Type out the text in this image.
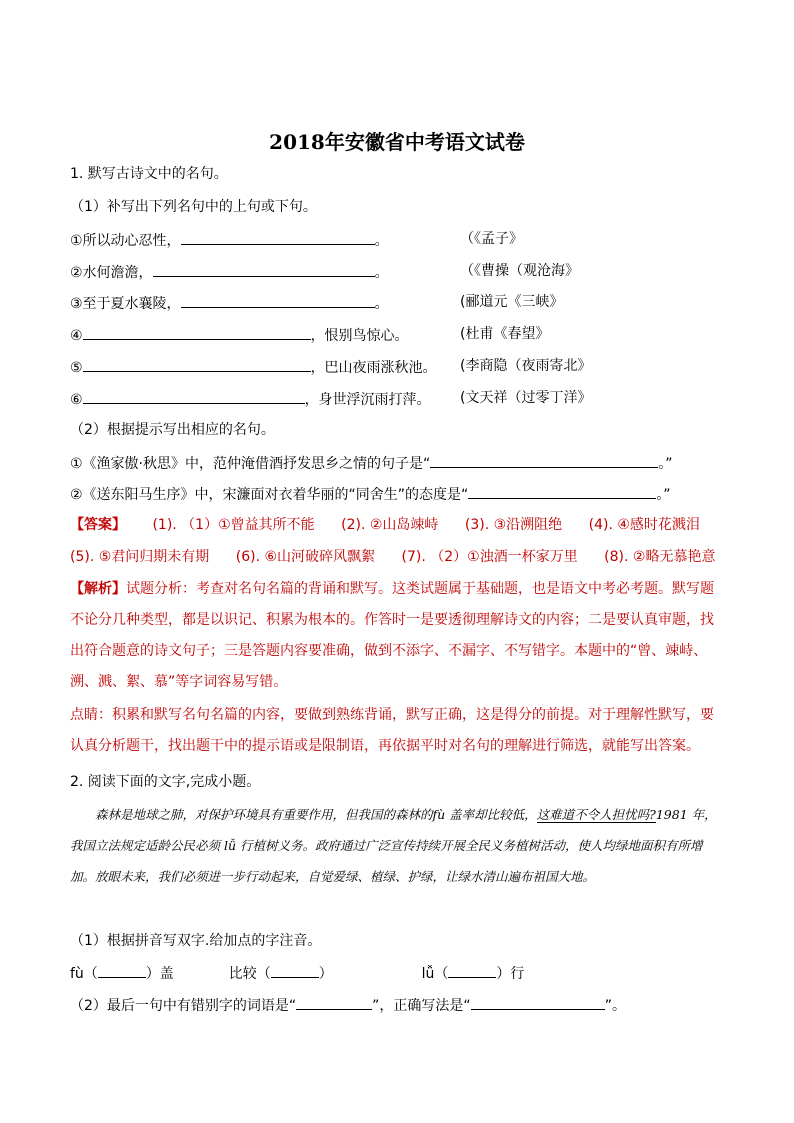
2018年安徽省中考语文试卷
1. 默写古诗文中的名句。
（1）补写出下列名句中的上句或下句。
①所以动心忍性，	。	（《孟子》
②水何澹澹，	。	（《曹操（观沧海》
③至于夏水襄陵，	。	(郦道元《三峡》
④	，恨别鸟惊心。	(杜甫《春望》
⑤	，巴山夜雨涨秋池。 (李商隐（夜雨寄北》
⑥	，身世浮沉雨打萍。 (文天祥（过零丁洋》
（2）根据提示写出相应的名句。
①《渔家傲·秋思》中，范仲淹借酒抒发思乡之情的句子是“	。”
②《送东阳马生序》中，宋濂面对衣着华丽的“同舍生”的态度是“	。”
【答案】 (1). （1）①曾益其所不能 (2). ②山岛竦峙 (3). ③沿溯阻绝 (4). ④感时花溅泪
(5). ⑤君问归期未有期 (6). ⑥山河破碎风飘絮 (7). （2）①浊酒一杯家万里 (8). ②略无慕艳意
【解析】试题分析：考查对名句名篇的背诵和默写。这类试题属于基础题，也是语文中考必考题。默写题不论分几种类型，都是以识记、积累为根本的。作答时一是要透彻理解诗文的内容；二是要认真审题，找出符合题意的诗文句子；三是答题内容要准确，做到不添字、不漏字、不写错字。本题中的“曾、竦峙、溯、溅、絮、慕”等字词容易写错。
点睛：积累和默写名句名篇的内容，要做到熟练背诵，默写正确，这是得分的前提。对于理解性默写，要认真分析题干，找出题干中的提示语或是限制语，再依据平时对名句的理解进行筛选，就能写出答案。
2. 阅读下面的文字,完成小题。
森林是地球之肺，对保护环境具有重要作用，但我国的森林的fù 盖率却比较低，这难道不令人担忧吗?1981 年，我国立法规定适龄公民必须 lǚ 行植树义务。政府通过广泛宣传持续开展全民义务植树活动，使人均绿地面积有所增加。放眼未来，我们必须进一步行动起来，自觉爱绿、植绿、护绿，让绿水清山遍布祖国大地。
（1）根据拼音写双字.给加点的字注音。
fù（	）盖	比较（	）	lǚ（	）行
（2）最后一句中有错别字的词语是“	”，正确写法是“	”。
